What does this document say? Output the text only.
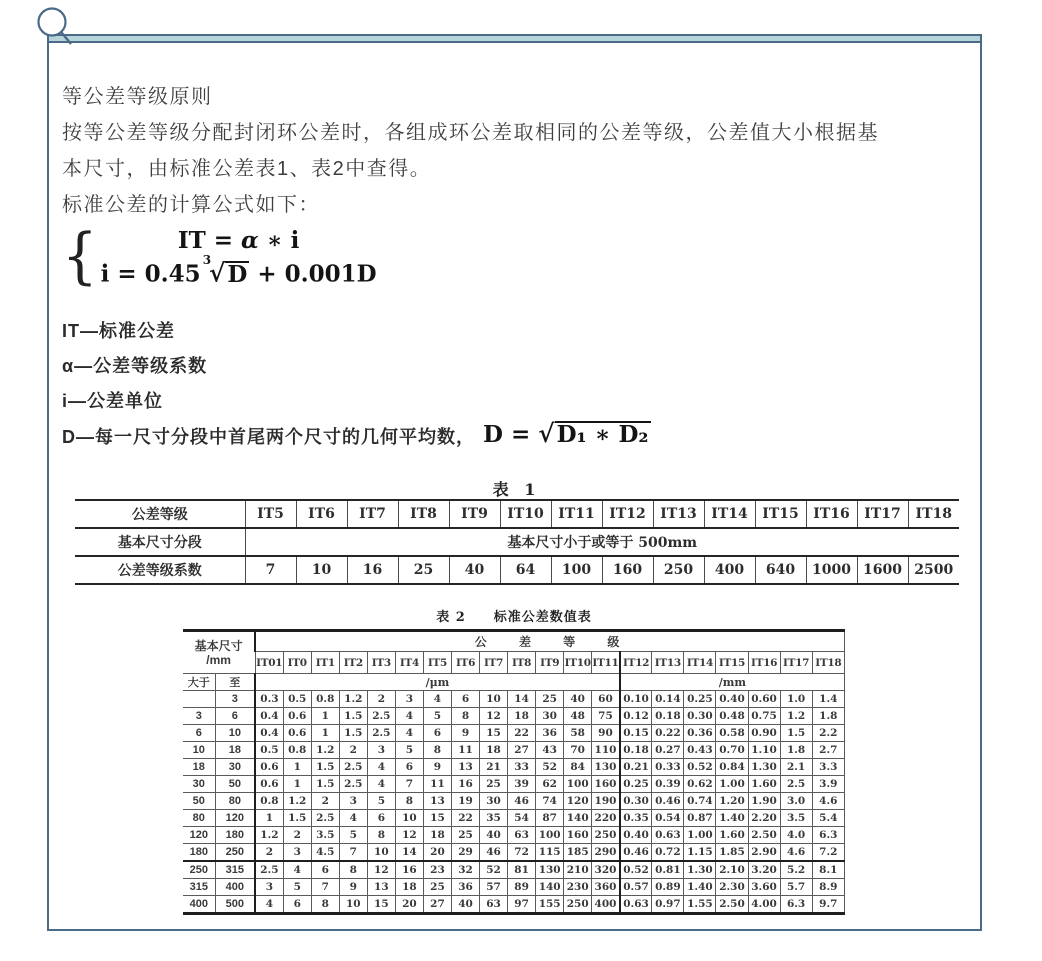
等公差等级原则
按等公差等级分配封闭环公差时，各组成环公差取相同的公差等级，公差值大小根据基
本尺寸，由标准公差表1、表2中查得。
标准公差的计算公式如下：
{	IT = α ∗ i
$i = 0.45^3√D + 0.001D$
IT—标准公差
α—公差等级系数
i—公差单位
D—每一尺寸分段中首尾两个尺寸的几何平均数， D = √D₁ ∗ D₂
表 1
公差等级	IT5	IT6	IT7	IT8	IT9	IT10	IT11	IT12	IT13	IT14	IT15	IT16	IT17	IT18
基本尺寸分段	基本尺寸小于或等于 500mm													
公差等级系数	7	10	16	25	40	64	100	160	250	400	640	1000	1600	2500
表 2 标准公差数值表
基本尺寸
/mm		公 差 等 级																			
		IT01	IT0	IT1	IT2	IT3	IT4	IT5	IT6	IT7	IT8	IT9	IT10	IT11	IT12	IT13	IT14	IT15	IT16	IT17	IT18
大于	至	/μm													/mm						
	3	0.3	0.5	0.8	1.2	2	3	4	6	10	14	25	40	60	0.10	0.14	0.25	0.40	0.60	1.0	1.4
3	6	0.4	0.6	1	1.5	2.5	4	5	8	12	18	30	48	75	0.12	0.18	0.30	0.48	0.75	1.2	1.8
6	10	0.4	0.6	1	1.5	2.5	4	6	9	15	22	36	58	90	0.15	0.22	0.36	0.58	0.90	1.5	2.2
10	18	0.5	0.8	1.2	2	3	5	8	11	18	27	43	70	110	0.18	0.27	0.43	0.70	1.10	1.8	2.7
18	30	0.6	1	1.5	2.5	4	6	9	13	21	33	52	84	130	0.21	0.33	0.52	0.84	1.30	2.1	3.3
30	50	0.6	1	1.5	2.5	4	7	11	16	25	39	62	100	160	0.25	0.39	0.62	1.00	1.60	2.5	3.9
50	80	0.8	1.2	2	3	5	8	13	19	30	46	74	120	190	0.30	0.46	0.74	1.20	1.90	3.0	4.6
80	120	1	1.5	2.5	4	6	10	15	22	35	54	87	140	220	0.35	0.54	0.87	1.40	2.20	3.5	5.4
120	180	1.2	2	3.5	5	8	12	18	25	40	63	100	160	250	0.40	0.63	1.00	1.60	2.50	4.0	6.3
180	250	2	3	4.5	7	10	14	20	29	46	72	115	185	290	0.46	0.72	1.15	1.85	2.90	4.6	7.2
250	315	2.5	4	6	8	12	16	23	32	52	81	130	210	320	0.52	0.81	1.30	2.10	3.20	5.2	8.1
315	400	3	5	7	9	13	18	25	36	57	89	140	230	360	0.57	0.89	1.40	2.30	3.60	5.7	8.9
400	500	4	6	8	10	15	20	27	40	63	97	155	250	400	0.63	0.97	1.55	2.50	4.00	6.3	9.7
